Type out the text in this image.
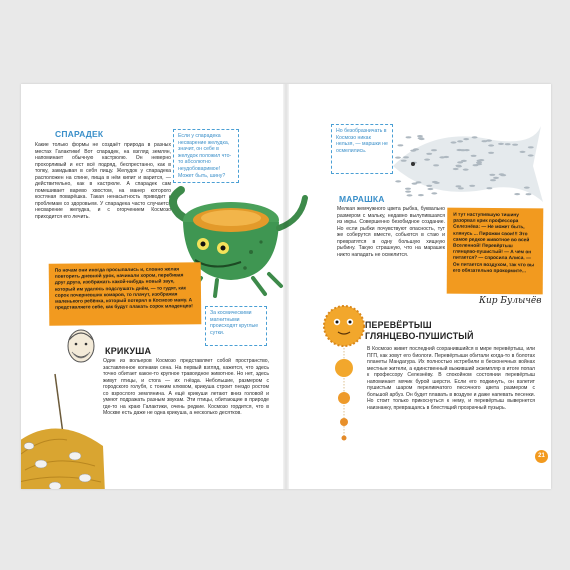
СПАРАДЕК
Какие только формы не создаёт природа в разных местах Галактики! Вот спарадек, на взгляд землян, напоминает обычную кастрюлю. Он неверно прохорливый и ест всё подряд, беспрестанно, как в топку, закидывая в себя пищу. Желудок у спарадека расположен на спине, пища в нём кипит и варится, — действительно, как в кастрюле. А спарадек сам помешивает варево хвостом, на манер которого костяная поварёшка. Такая ненасытность приводит к проблемам со здоровьем. У спарадека часто случается несварение желудка, и с огорчением Космозо приходится его лечить.
Если у спарадека несварение желудка, значит, он себе в желудок положил что-то абсолютно неудобоваримое! Может быть, шину?
По ночам они иногда просыпались и, словно желая повторить дневной урок, начинали хором, перебивая друг друга, изображать какой-нибудь новый звук, который им удалось подслушать днём, — то гудят, как сорок почерневших комаров, то плачут, изображая маленького ребёнка, который потерял в Космозо маму. А представляете себе, как будут плакать сорок младенцев!
За космическими магнитными происходят круглые сутки.
КРИКУША
Один из вольеров Космозо представляет собой пространство, заставленное копнами сена. На первый взгляд, кажется, что здесь точно обитает какое-то крупное травоядное животное. Но нет, здесь живут птицы, и стога — их гнёзда. Небольшие, размером с городского голубя, с тонким клювом, крикуша строит гнездо ростом со взрослого землянина. А ещё крикуши летают вниз головой и умеют подражать разным звукам. Эти птицы, обитающие в природе где-то на краю Галактики, очень редкие. Космозо гордится, что в Москве есть даже не одна крикуша, а несколько десятков.
Но безобразничать в Космозо никак нельзя, — маршки не осмелились.
МАРАШКА
Мелкая жемчужного цвета рыбка, буквально размером с мальку, недавно вылупившаяся из икры. Совершенно безобидное создание. Но если рыбки почувствуют опасность, тут же соберутся вместе, собьются в стаю и превратятся в одну большую хищную рыбину. Такую страшную, что на марашек никто нападать не осмелится.
И тут наступившую тишину разорвал крик профессора Селезнёва: — Не может быть, клянусь ... Пирожки свои!!! Это самое редкое животное во всей Вселенной! Перевёртыш глянцево-пушистый! — А чем он питается? — спросила Алиса. — Он питается воздухом, так что вы его обязательно прокормите...
Кир Булычёв
ПЕРЕВЁРТЫШ
ГЛЯНЦЕВО-ПУШИСТЫЙ
В Космозо живет последний сохранившийся в мире перевёртыш, или ПГП, как зовут его биологи. Перевёртыши обитали когда-то в болотах планеты Мандагура. Их полностью истребили в бесконечных войнах местные жители, а единственный выживший экземпляр в итоге попал к профессору Селезнёву. В спокойном состоянии перевёртыш напоминает мячик бурой шерсти. Если его подкинуть, он взлетит пушистым шаром переливчатого песочного цвета размером с большой арбуз. Он будет плавать в воздухе и даже напевать песенки. Но стоит только прикоснуться к нему, и перевёртыш вывернется наизнанку, превращаясь в блестящий прозрачный пузырь.
21
